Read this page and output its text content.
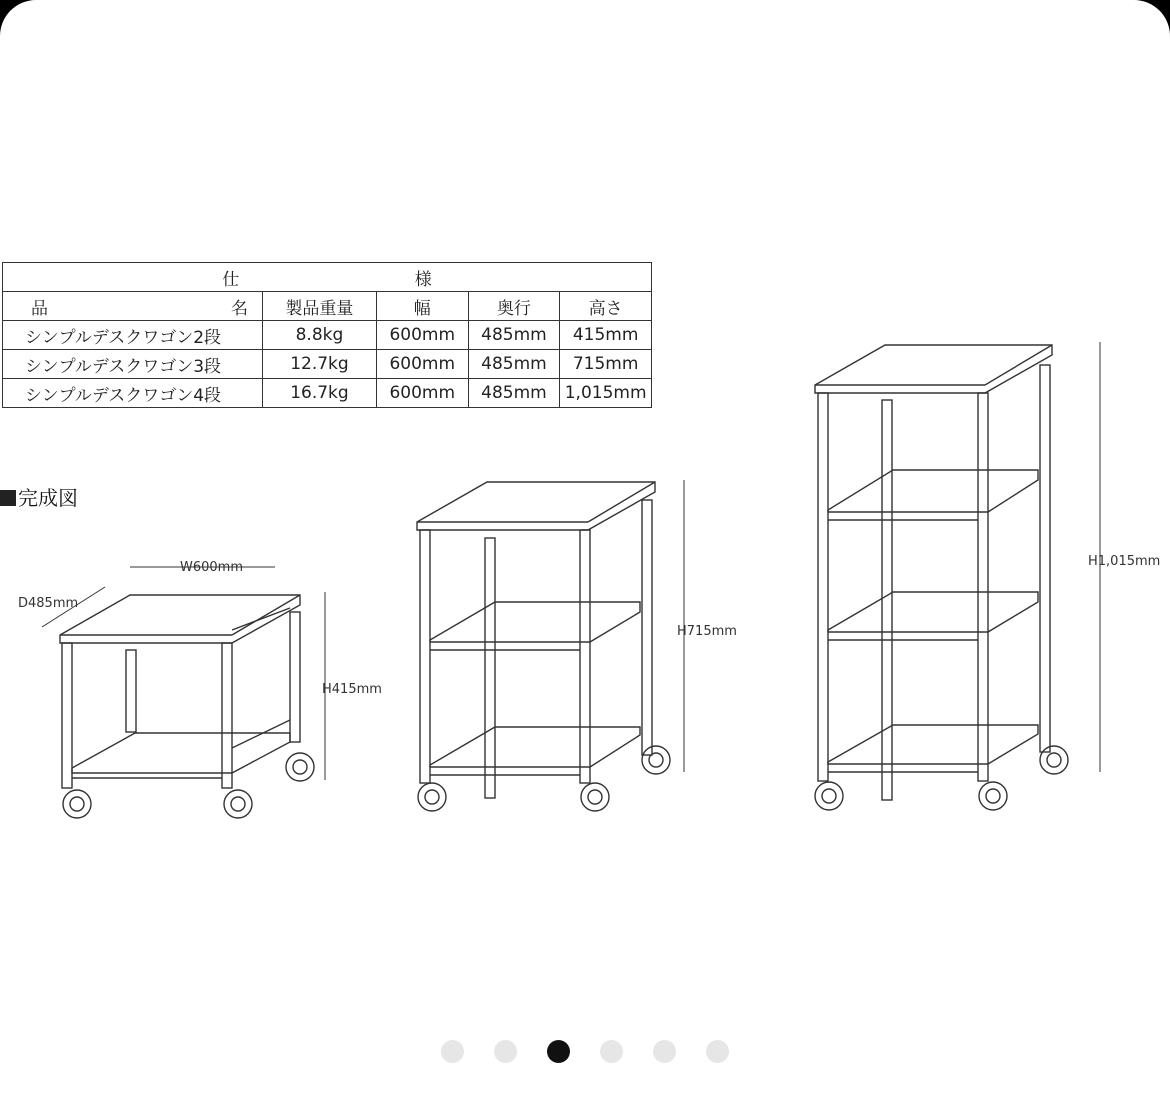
仕 様				
品 名	製品重量	幅	奥行	高さ
シンプルデスクワゴン2段	8.8kg	600mm	485mm	415mm
シンプルデスクワゴン3段	12.7kg	600mm	485mm	715mm
シンプルデスクワゴン4段	16.7kg	600mm	485mm	1,015mm
完成図
W600mm
D485mm
H415mm
H715mm
H1,015mm
